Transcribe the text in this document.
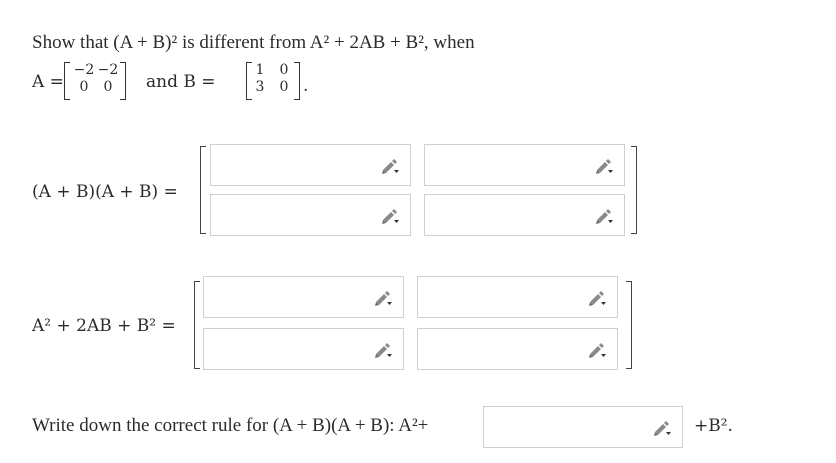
Show that (A + B)² is different from A² + 2AB + B², when
A =
−2 −2
0	0	and B =
1	0
3	0 .
(A + B)(A + B) =
A² + 2AB + B² =
Write down the correct rule for (A + B)(A + B): A²+	+B².
